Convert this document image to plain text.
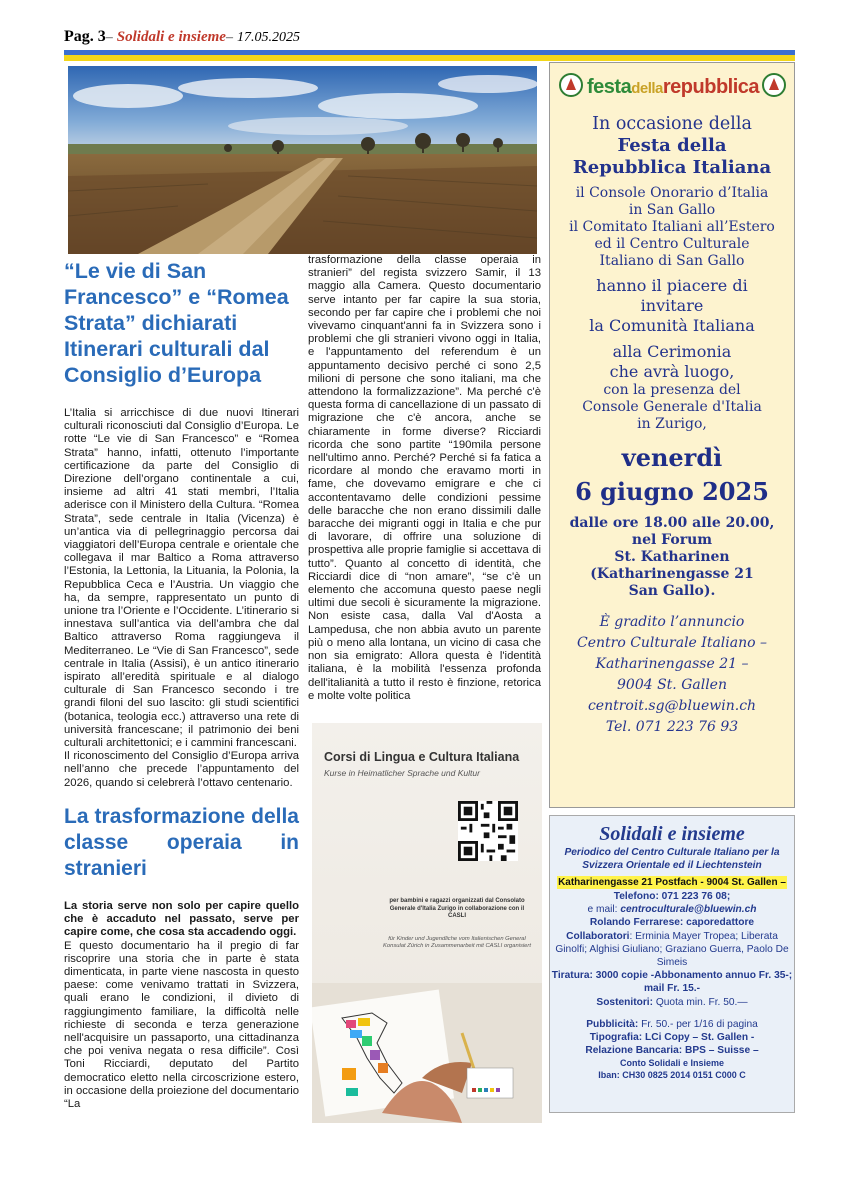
Pag. 3– Solidali e insieme– 17.05.2025
“Le vie di San Francesco” e “Romea Strata” dichiarati Itinerari culturali dal Consiglio d’Europa

L’Italia si arricchisce di due nuovi Itinerari culturali riconosciuti dal Consiglio d’Europa. Le rotte “Le vie di San Francesco” e “Romea Strata” hanno, infatti, ottenuto l’importante certificazione da parte del Consiglio di Direzione dell’organo continentale a cui, insieme ad altri 41 stati membri, l’Italia aderisce con il Ministero della Cultura. “Romea Strata”, sede centrale in Italia (Vicenza) è un’antica via di pellegrinaggio percorsa dai viaggiatori dell’Europa centrale e orientale che collegava il mar Baltico a Roma attraverso l’Estonia, la Lettonia, la Lituania, la Polonia, la Repubblica Ceca e l’Austria. Un viaggio che ha, da sempre, rappresentato un punto di unione tra l’Oriente e l’Occidente. L’itinerario si innestava sull’antica via dell’ambra che dal Baltico attraverso Roma raggiungeva il Mediterraneo. Le “Vie di San Francesco”, sede centrale in Italia (Assisi), è un antico itinerario ispirato all’eredità spirituale e al dialogo culturale di San Francesco secondo i tre grandi filoni del suo lascito: gli studi scientifici (botanica, teologia ecc.) attraverso una rete di università francescane; il patrimonio dei beni culturali architettonici; e i cammini francescani.

Il riconoscimento del Consiglio d’Europa arriva nell’anno che precede l’appuntamento del 2026, quando si celebrerà l’ottavo centenario.

La trasformazione della classe operaia in stranieri

La storia serve non solo per capire quello che è accaduto nel passato, serve per capire come, che cosa sta accadendo oggi.

E questo documentario ha il pregio di far riscoprire una storia che in parte è stata dimenticata, in parte viene nascosta in questo paese: come venivamo trattati in Svizzera, quali erano le condizioni, il divieto di raggiungimento familiare, la difficoltà nelle richieste di seconda e terza generazione nell'acquisire un passaporto, una cittadinanza che poi veniva negata o resa difficile”. Così Toni Ricciardi, deputato del Partito democratico eletto nella circoscrizione estero, in occasione della proiezione del documentario “La

trasformazione della classe operaia in stranieri” del regista svizzero Samir, il 13 maggio alla Camera. Questo documentario serve intanto per far capire la sua storia, secondo per far capire che i problemi che noi vivevamo cinquant'anni fa in Svizzera sono i problemi che gli stranieri vivono oggi in Italia, e l'appuntamento del referendum è un appuntamento decisivo perché ci sono 2,5 milioni di persone che sono italiani, ma che attendono la formalizzazione”. Ma perché c'è questa forma di cancellazione di un passato di migrazione che c'è ancora, anche se chiaramente in forme diverse? Ricciardi ricorda che sono partite “190mila persone nell'ultimo anno. Perché? Perché si fa fatica a ricordare al mondo che eravamo morti in fame, che dovevamo emigrare e che ci accontentavamo delle condizioni pessime delle baracche che non erano dissimili dalle baracche dei migranti oggi in Italia e che pur di lavorare, di offrire una soluzione di prospettiva alle proprie famiglie si accettava di tutto”. Quanto al concetto di identità, che Ricciardi dice di “non amare”, “se c'è un elemento che accomuna questo paese negli ultimi due secoli è sicuramente la migrazione. Non esiste casa, dalla Val d'Aosta a Lampedusa, che non abbia avuto un parente più o meno alla lontana, un vicino di casa che non sia emigrato: Allora questa è l'identità italiana, è la mobilità l'essenza profonda dell'italianità a tutto il resto è finzione, retorica e molte volte politica

Corsi di Lingua e Cultura Italiana
Kurse in Heimatlicher Sprache und Kultur
per bambini e ragazzi organizzati dal Consolato Generale d'Italia Zurigo in collaborazione con il CASLI
für Kinder und Jugendliche vom Italienischen General Konsulat Zürich in Zusammenarbeit mit CASLI organisiert
festadellarepubblica
In occasione della
Festa della
Repubblica Italiana
il Console Onorario d’Italia
in San Gallo
il Comitato Italiani all’Estero
ed il Centro Culturale
Italiano di San Gallo
hanno il piacere di
invitare
la Comunità Italiana
alla Cerimonia
che avrà luogo,
con la presenza del
Console Generale d'Italia
in Zurigo,
venerdì
6 giugno 2025
dalle ore 18.00 alle 20.00,
nel Forum
St. Katharinen
(Katharinengasse 21
San Gallo).
È gradito l’annuncio
Centro Culturale Italiano –
Katharinengasse 21 –
9004 St. Gallen
centroit.sg@bluewin.ch
Tel. 071 223 76 93
Solidali e insieme
Periodico del Centro Culturale Italiano per la Svizzera Orientale ed il Liechtenstein
Katharinengasse 21 Postfach - 9004 St. Gallen –
Telefono: 071 223 76 08;
e mail: centroculturale@bluewin.ch
Rolando Ferrarese: caporedattore
Collaboratori: Erminia Mayer Tropea; Liberata Ginolfi; Alghisi Giuliano; Graziano Guerra, Paolo De Simeis
Tiratura: 3000 copie -Abbonamento annuo Fr. 35-; mail Fr. 15.-
Sostenitori: Quota min. Fr. 50.—
Pubblicità: Fr. 50.- per 1/16 di pagina
Tipografia: LCi Copy – St. Gallen -
Relazione Bancaria: BPS – Suisse –
Conto Solidali e Insieme
Iban: CH30 0825 2014 0151 C000 C
